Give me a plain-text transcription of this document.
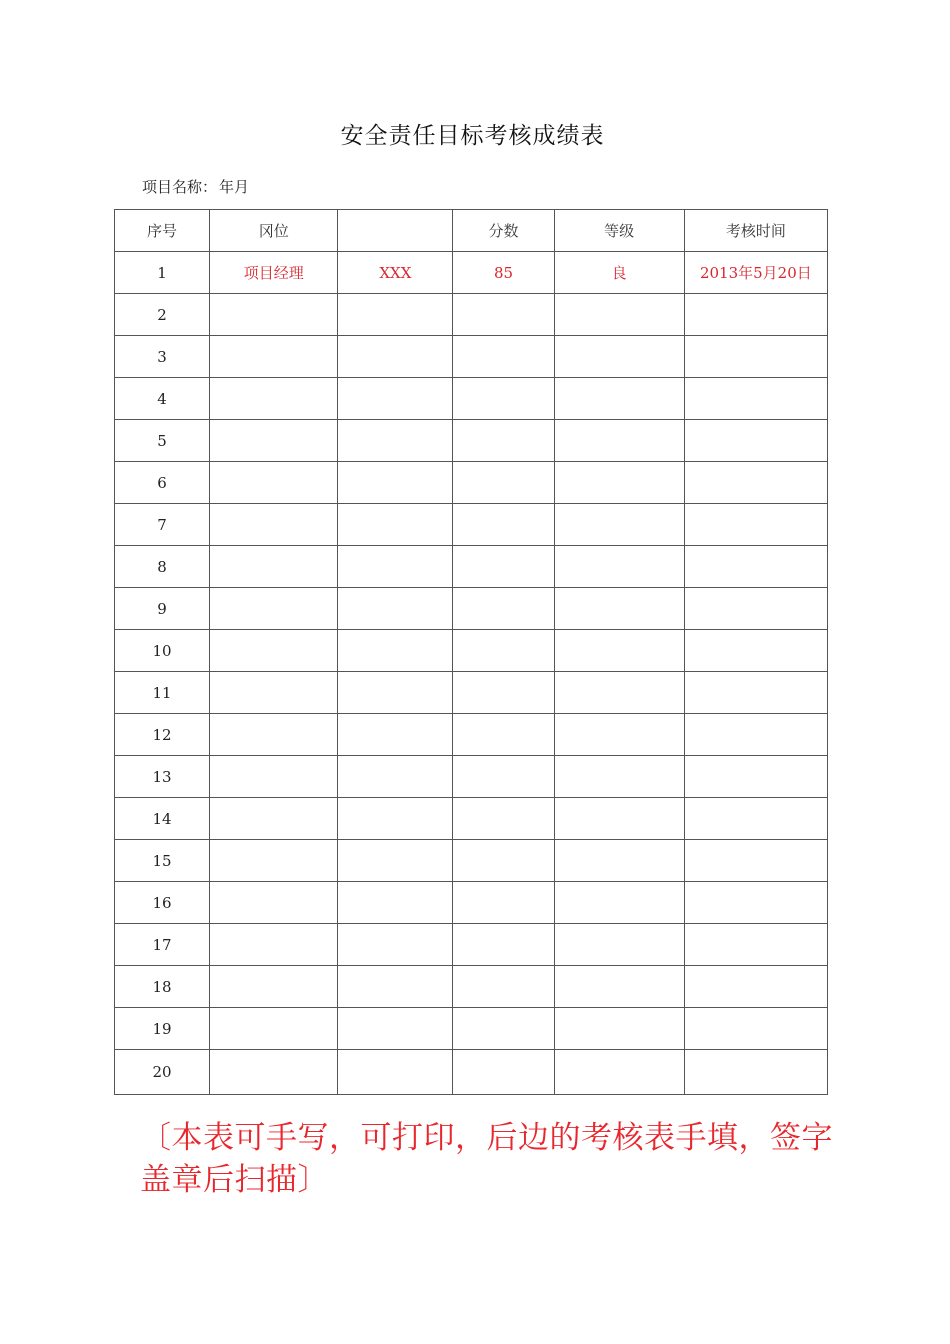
安全责任目标考核成绩表
项目名称： 年月
序号	冈位		分数	等级	考核时间
1	项目经理	XXX	85	良	2013年5月20日
2					
3					
4					
5					
6					
7					
8					
9					
10					
11					
12					
13					
14					
15					
16					
17					
18					
19					
20					
〔本表可手写，可打印，后边的考核表手填，签字盖章后扫描〕
